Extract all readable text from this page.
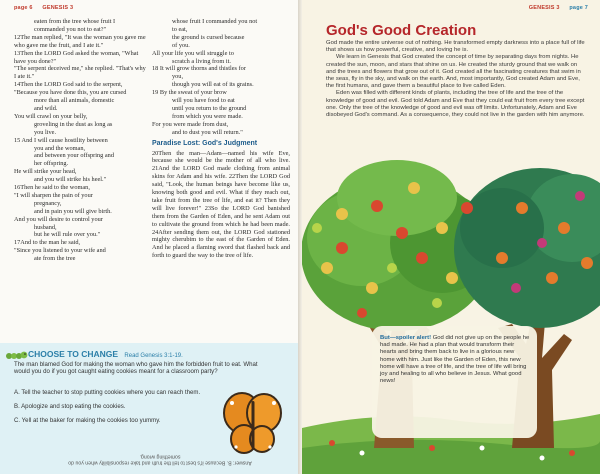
page 6 GENESIS 3

eaten from the tree whose fruit I commanded you not to eat?"

12The man replied, "It was the woman you gave me who gave me the fruit, and I ate it."

13Then the LORD God asked the woman, "What have you done?"

"The serpent deceived me," she replied. "That's why I ate it."

14Then the LORD God said to the serpent,

"Because you have done this, you are cursed

more than all animals, domestic

and wild.

You will crawl on your belly,

groveling in the dust as long as

you live.

15 And I will cause hostility between

you and the woman,

and between your offspring and

her offspring.

He will strike your head,

and you will strike his heel."

16Then he said to the woman,

"I will sharpen the pain of your

pregnancy,

and in pain you will give birth.

And you will desire to control your

husband,

but he will rule over you."

17And to the man he said,

"Since you listened to your wife and

ate from the tree

whose fruit I commanded you not

to eat,

the ground is cursed because

of you.

All your life you will struggle to

scratch a living from it.

18 It will grow thorns and thistles for

you,

though you will eat of its grains.

19 By the sweat of your brow

will you have food to eat

until you return to the ground

from which you were made.

For you were made from dust,

and to dust you will return."

Paradise Lost: God's Judgment

20Then the man—Adam—named his wife Eve, because she would be the mother of all who live. 21And the LORD God made clothing from animal skins for Adam and his wife. 22Then the LORD God said, "Look, the human beings have become like us, knowing both good and evil. What if they reach out, take fruit from the tree of life, and eat it? Then they will live forever!" 23So the LORD God banished them from the Garden of Eden, and he sent Adam out to cultivate the ground from which he had been made. 24After sending them out, the LORD God stationed mighty cherubim to the east of the Garden of Eden. And he placed a flaming sword that flashed back and forth to guard the way to the tree of life.

CHOOSE TO CHANGE Read Genesis 3:1-19.
The man blamed God for making the woman who gave him the forbidden fruit to eat. What would you do if you got caught eating cookies meant for a classroom party?
A. Tell the teacher to stop putting cookies where you can reach them.
B. Apologize and stop eating the cookies.
C. Yell at the baker for making the cookies too yummy.
Answer: B. Because it's best to tell the truth and take responsibility when you do something wrong.
GENESIS 3 page 7
God's Good Creation

God made the entire universe out of nothing. He transformed empty darkness into a place full of life that shows us how powerful, creative, and loving he is.

We learn in Genesis that God created the concept of time by separating days from nights. He created the sun, moon, and stars that shine on us. He created the sturdy ground that we walk on and the trees and flowers that grow out of it. God created all the fascinating creatures that swim in the seas, fly in the sky, and walk on the earth. And, most importantly, God created Adam and Eve, the first humans, and gave them a beautiful place to live called Eden.

Eden was filled with different kinds of plants, including the tree of life and the tree of the knowledge of good and evil. God told Adam and Eve that they could eat fruit from every tree except one. Only the tree of the knowledge of good and evil was off limits. Unfortunately, Adam and Eve disobeyed God's command. As a consequence, they could not live in the garden with him anymore.

But—spoiler alert! God did not give up on the people he had made. He had a plan that would transform their hearts and bring them back to live in a glorious new home with him. Just like the Garden of Eden, this new home will have a tree of life, and the tree of life will bring joy and healing to all who believe in Jesus. What good news!
